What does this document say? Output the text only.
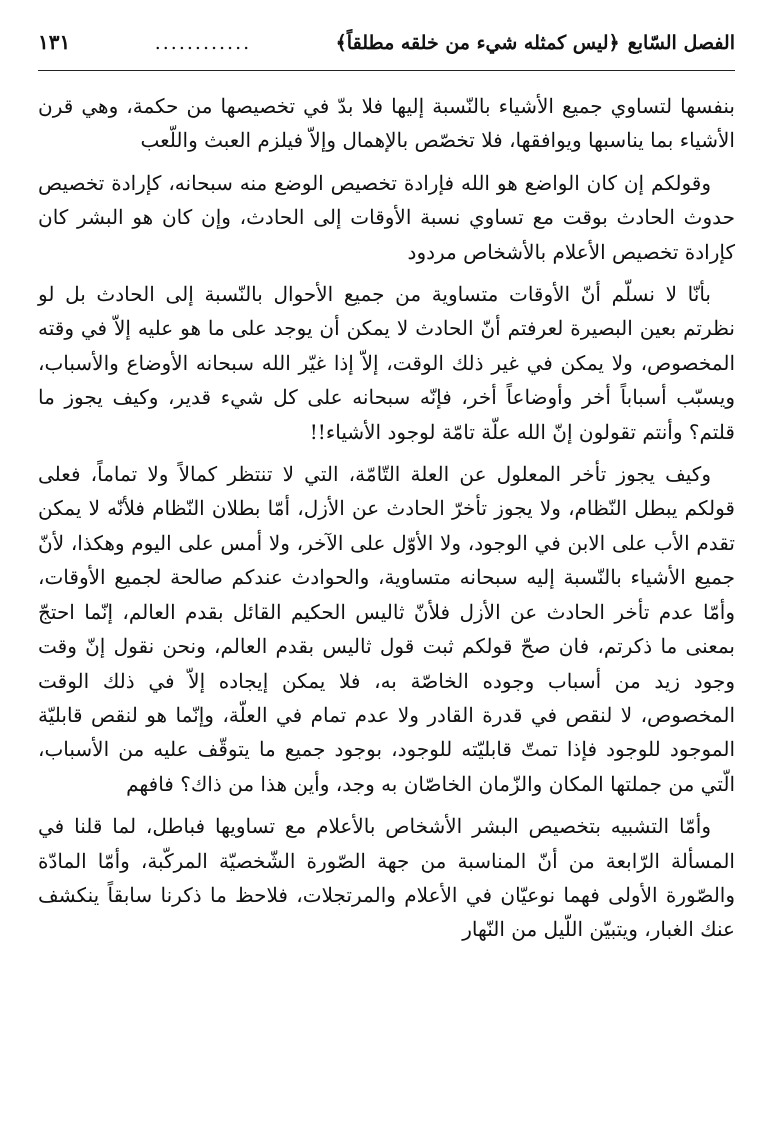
الفصل السّابع
﴿ليس كمثله شيء من خلقه مطلقاً﴾
............
١٣١

بنفسها لتساوي جميع الأشياء بالنّسبة إليها فلا بدّ في تخصيصها من حكمة، وهي قرن الأشياء بما يناسبها ويوافقها، فلا تخصّص بالإهمال وإلاّ فيلزم العبث واللّعب

وقولكم إن كان الواضع هو الله فإرادة تخصيص الوضع منه سبحانه، كإرادة تخصيص حدوث الحادث بوقت مع تساوي نسبة الأوقات إلى الحادث، وإن كان هو البشر كان كإرادة تخصيص الأعلام بالأشخاص مردود

بأنّا لا نسلّم أنّ الأوقات متساوية من جميع الأحوال بالنّسبة إلى الحادث بل لو نظرتم بعين البصيرة لعرفتم أنّ الحادث لا يمكن أن يوجد على ما هو عليه إلاّ في وقته المخصوص، ولا يمكن في غير ذلك الوقت، إلاّ إذا غيّر الله سبحانه الأوضاع والأسباب، ويسبّب أسباباً أخر وأوضاعاً أخر، فإنّه سبحانه على كل شيء قدير، وكيف يجوز ما قلتم؟ وأنتم تقولون إنّ الله علّة تامّة لوجود الأشياء!!

وكيف يجوز تأخر المعلول عن العلة التّامّة، التي لا تنتظر كمالاً ولا تماماً، فعلى قولكم يبطل النّظام، ولا يجوز تأخرّ الحادث عن الأزل، أمّا بطلان النّظام فلأنّه لا يمكن تقدم الأب على الابن في الوجود، ولا الأوّل على الآخر، ولا أمس على اليوم وهكذا، لأنّ جميع الأشياء بالنّسبة إليه سبحانه متساوية، والحوادث عندكم صالحة لجميع الأوقات، وأمّا عدم تأخر الحادث عن الأزل فلأنّ ثاليس الحكيم القائل بقدم العالم، إنّما احتجّ بمعنى ما ذكرتم، فان صحّ قولكم ثبت قول ثاليس بقدم العالم، ونحن نقول إنّ وقت وجود زيد من أسباب وجوده الخاصّة به، فلا يمكن إيجاده إلاّ في ذلك الوقت المخصوص، لا لنقص في قدرة القادر ولا عدم تمام في العلّة، وإنّما هو لنقص قابليّة الموجود للوجود فإذا تمتّ قابليّته للوجود، بوجود جميع ما يتوقّف عليه من الأسباب، الّتي من جملتها المكان والزّمان الخاصّان به وجد، وأين هذا من ذاك؟ فافهم

وأمّا التشبيه بتخصيص البشر الأشخاص بالأعلام مع تساويها فباطل، لما قلنا في المسألة الرّابعة من أنّ المناسبة من جهة الصّورة الشّخصيّة المركّبة، وأمّا المادّة والصّورة الأولى فهما نوعيّان في الأعلام والمرتجلات، فلاحظ ما ذكرنا سابقاً ينكشف عنك الغبار، ويتبيّن اللّيل من النّهار
